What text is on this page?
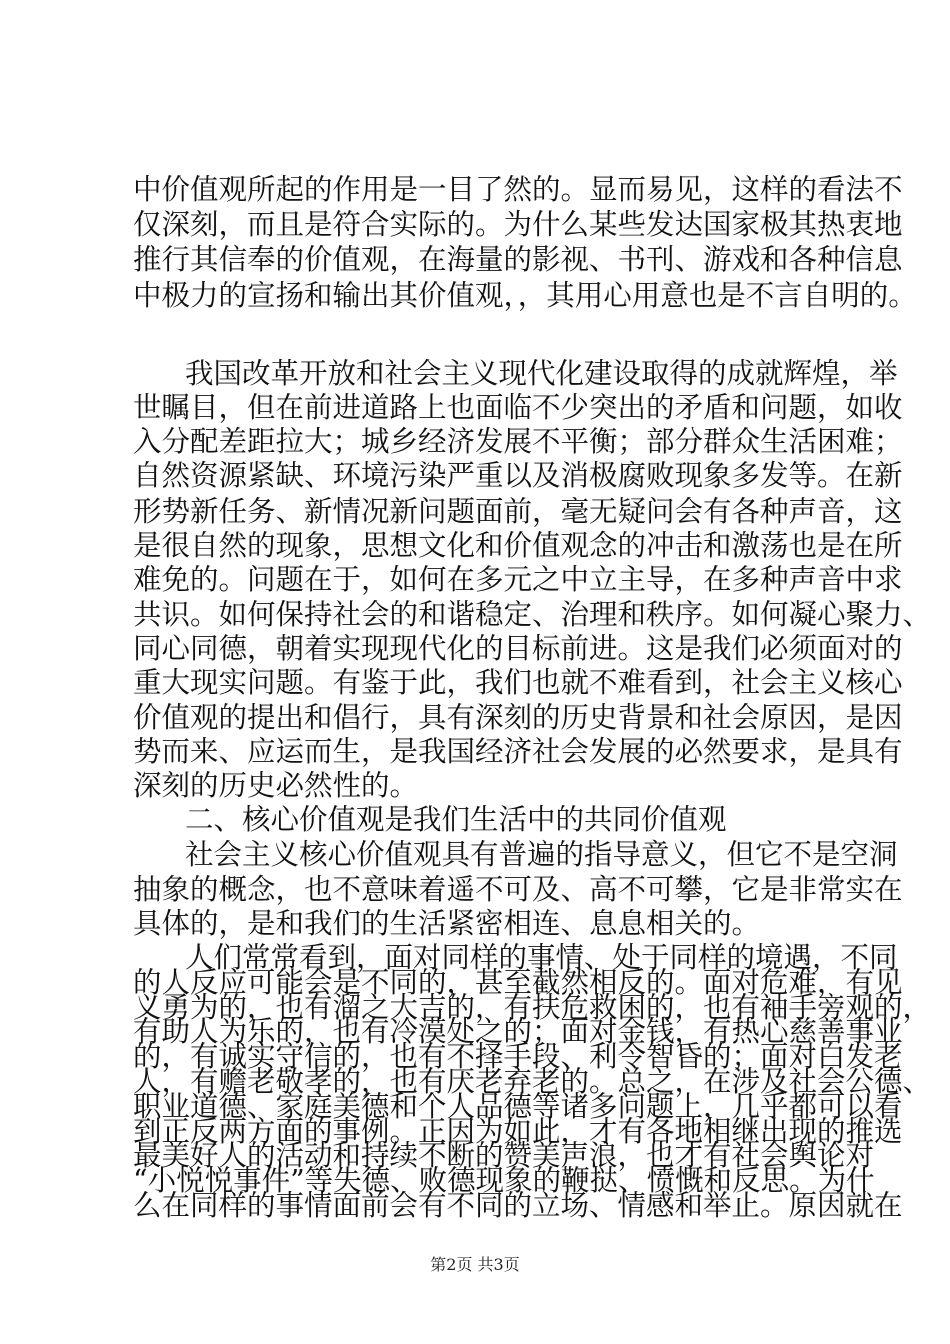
中价值观所起的作用是一目了然的。显而易见，这样的看法不
仅深刻，而且是符合实际的。为什么某些发达国家极其热衷地
推行其信奉的价值观，在海量的影视、书刊、游戏和各种信息
中极力的宣扬和输出其价值观，，其用心用意也是不言自明的。
我国改革开放和社会主义现代化建设取得的成就辉煌，举
世瞩目，但在前进道路上也面临不少突出的矛盾和问题，如收
入分配差距拉大；城乡经济发展不平衡；部分群众生活困难；
自然资源紧缺、环境污染严重以及消极腐败现象多发等。在新
形势新任务、新情况新问题面前，毫无疑问会有各种声音，这
是很自然的现象，思想文化和价值观念的冲击和激荡也是在所
难免的。问题在于，如何在多元之中立主导，在多种声音中求
共识。如何保持社会的和谐稳定、治理和秩序。如何凝心聚力、
同心同德，朝着实现现代化的目标前进。这是我们必须面对的
重大现实问题。有鉴于此，我们也就不难看到，社会主义核心
价值观的提出和倡行，具有深刻的历史背景和社会原因，是因
势而来、应运而生，是我国经济社会发展的必然要求，是具有
深刻的历史必然性的。
二、核心价值观是我们生活中的共同价值观
社会主义核心价值观具有普遍的指导意义，但它不是空洞
抽象的概念，也不意味着遥不可及、高不可攀，它是非常实在
具体的，是和我们的生活紧密相连、息息相关的。
人们常常看到，面对同样的事情、处于同样的境遇，不同
的人反应可能会是不同的，甚至截然相反的。面对危难，有见
义勇为的，也有溜之大吉的，有扶危救困的，也有袖手旁观的，
有助人为乐的，也有冷漠处之的；面对金钱，有热心慈善事业
的，有诚实守信的，也有不择手段、利令智昏的；面对白发老
人，有赡老敬孝的，也有厌老弃老的。总之，在涉及社会公德、
职业道德、家庭美德和个人品德等诸多问题上，几乎都可以看
到正反两方面的事例。正因为如此，才有各地相继出现的推选
最美好人的活动和持续不断的赞美声浪，也才有社会舆论对
“小悦悦事件”等失德、败德现象的鞭挞、愤慨和反思。为什
么在同样的事情面前会有不同的立场、情感和举止。原因就在
第2页 共3页
